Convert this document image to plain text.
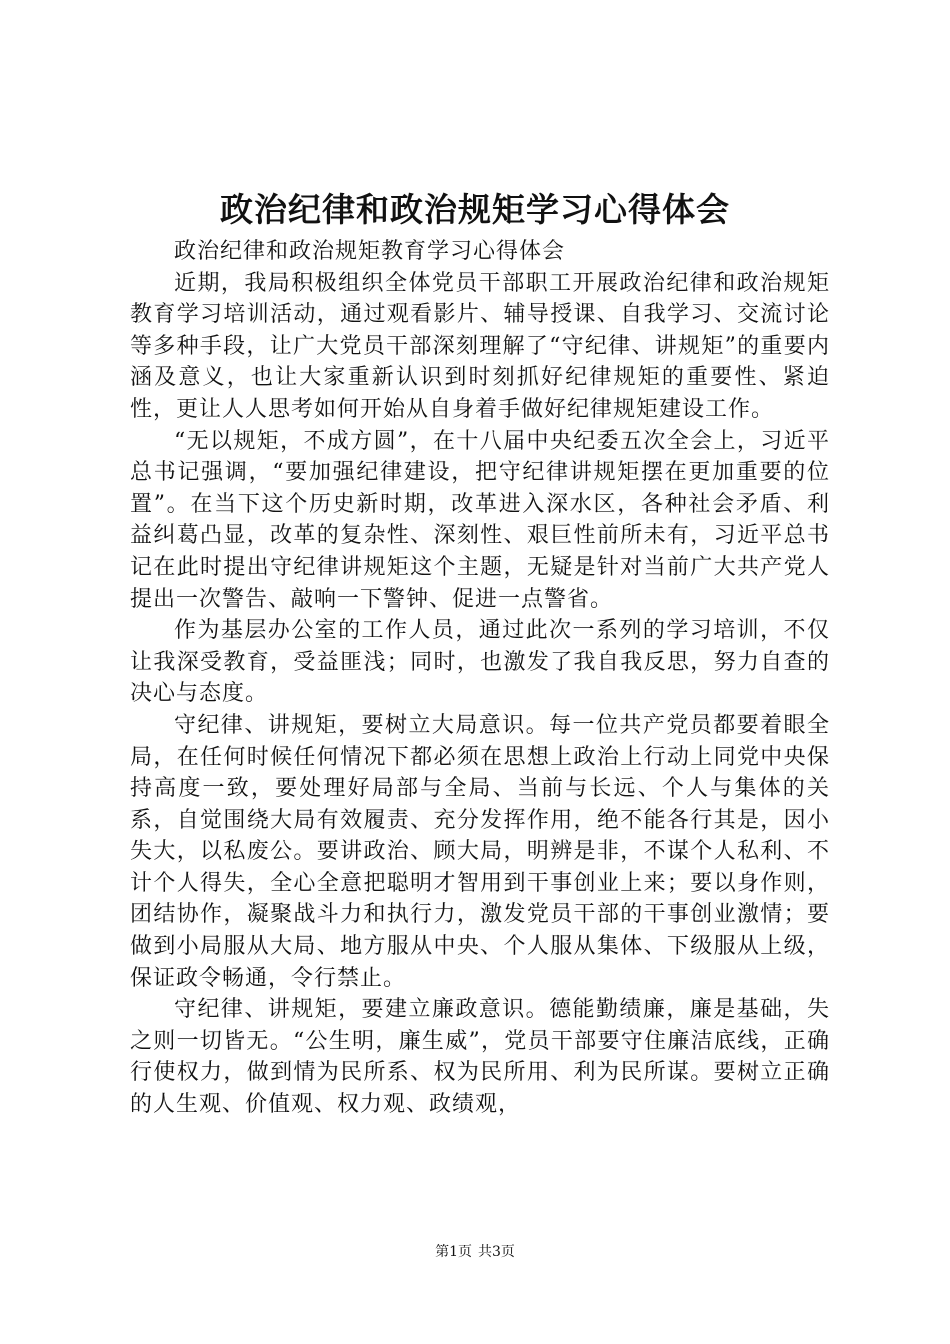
政治纪律和政治规矩学习心得体会

政治纪律和政治规矩教育学习心得体会

近期，我局积极组织全体党员干部职工开展政治纪律和政治规矩教育学习培训活动，通过观看影片、辅导授课、自我学习、交流讨论等多种手段，让广大党员干部深刻理解了“守纪律、讲规矩”的重要内涵及意义，也让大家重新认识到时刻抓好纪律规矩的重要性、紧迫性，更让人人思考如何开始从自身着手做好纪律规矩建设工作。

“无以规矩，不成方圆”，在十八届中央纪委五次全会上，习近平总书记强调，“要加强纪律建设，把守纪律讲规矩摆在更加重要的位置”。在当下这个历史新时期，改革进入深水区，各种社会矛盾、利益纠葛凸显，改革的复杂性、深刻性、艰巨性前所未有，习近平总书记在此时提出守纪律讲规矩这个主题，无疑是针对当前广大共产党人提出一次警告、敲响一下警钟、促进一点警省。

作为基层办公室的工作人员，通过此次一系列的学习培训，不仅让我深受教育，受益匪浅；同时，也激发了我自我反思，努力自查的决心与态度。

守纪律、讲规矩，要树立大局意识。每一位共产党员都要着眼全局，在任何时候任何情况下都必须在思想上政治上行动上同党中央保持高度一致，要处理好局部与全局、当前与长远、个人与集体的关系，自觉围绕大局有效履责、充分发挥作用，绝不能各行其是，因小失大，以私废公。要讲政治、顾大局，明辨是非，不谋个人私利、不计个人得失，全心全意把聪明才智用到干事创业上来；要以身作则，团结协作，凝聚战斗力和执行力，激发党员干部的干事创业激情；要做到小局服从大局、地方服从中央、个人服从集体、下级服从上级，保证政令畅通，令行禁止。

守纪律、讲规矩，要建立廉政意识。德能勤绩廉，廉是基础，失之则一切皆无。“公生明，廉生威”，党员干部要守住廉洁底线，正确行使权力，做到情为民所系、权为民所用、利为民所谋。要树立正确的人生观、价值观、权力观、政绩观，

第1页 共3页
